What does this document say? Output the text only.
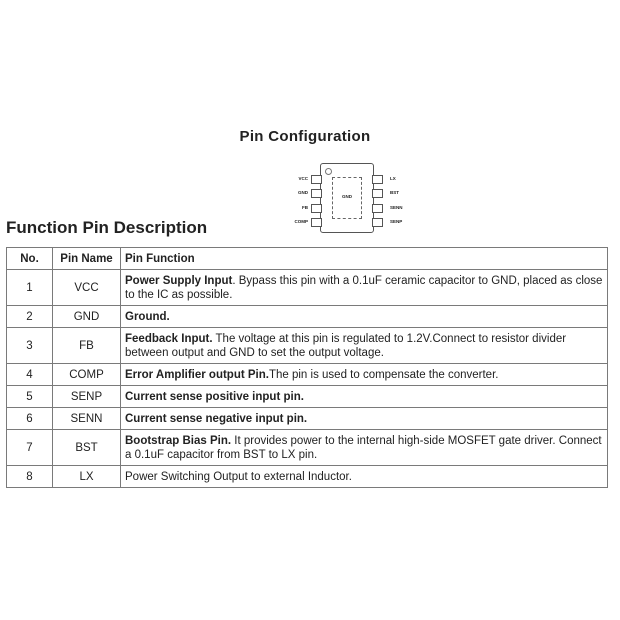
Pin Configuration
GND
VCC
GND
FB
COMP
LX
BST
SENN
SENP
Function Pin Description
No.	Pin Name	Pin Function
1	VCC	Power Supply Input. Bypass this pin with a 0.1uF ceramic capacitor to GND, placed as close to the IC as possible.
2	GND	Ground.
3	FB	Feedback Input. The voltage at this pin is regulated to 1.2V.Connect to resistor divider between output and GND to set the output voltage.
4	COMP	Error Amplifier output Pin.The pin is used to compensate the converter.
5	SENP	Current sense positive input pin.
6	SENN	Current sense negative input pin.
7	BST	Bootstrap Bias Pin. It provides power to the internal high-side MOSFET gate driver. Connect a 0.1uF capacitor from BST to LX pin.
8	LX	Power Switching Output to external Inductor.
